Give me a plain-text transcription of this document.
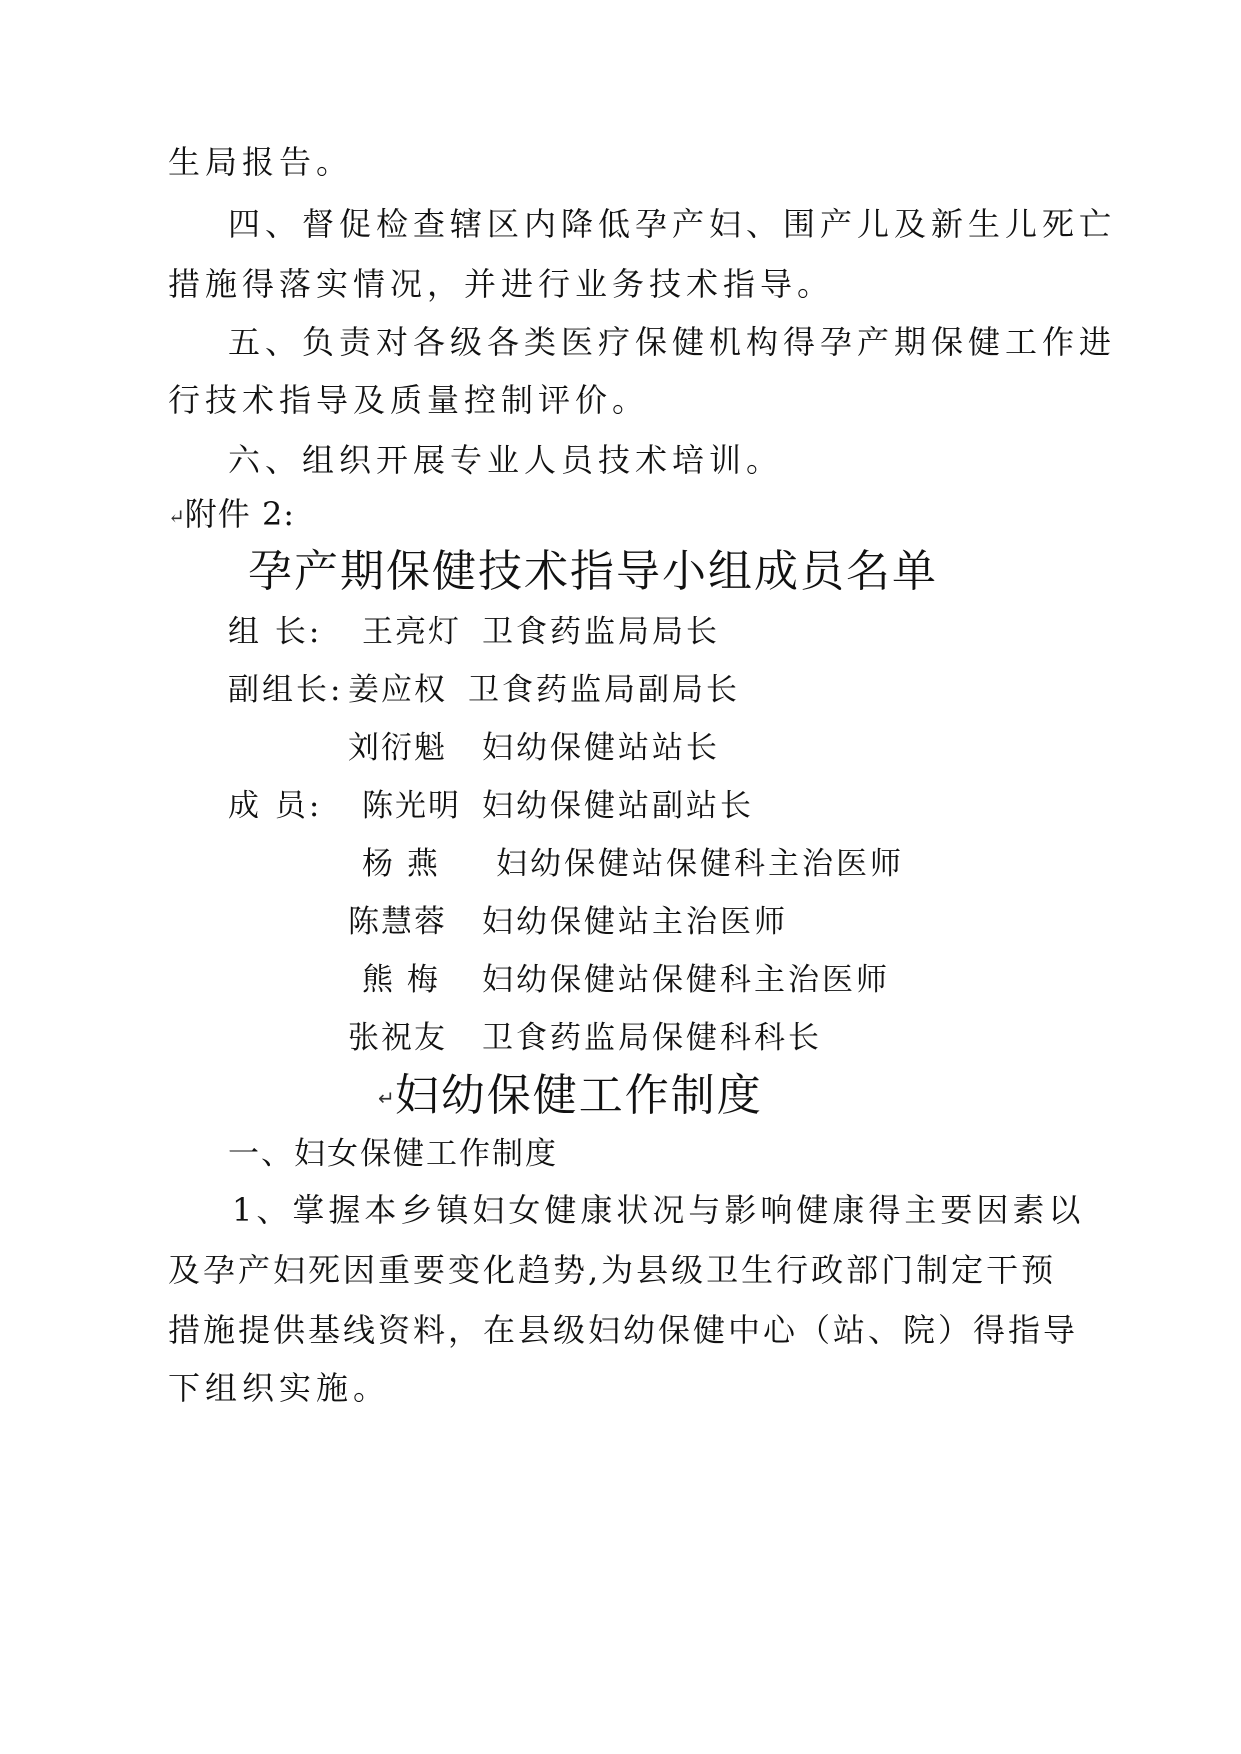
生局报告。
四、督促检查辖区内降低孕产妇、围产儿及新生儿死亡
措施得落实情况，并进行业务技术指导。
五、负责对各级各类医疗保健机构得孕产期保健工作进
行技术指导及质量控制评价。
六、组织开展专业人员技术培训。
↵附件 2:
孕产期保健技术指导小组成员名单
组 长: 王亮灯 卫食药监局局长
副组长: 姜应权 卫食药监局副局长
刘衍魁 妇幼保健站站长
成 员: 陈光明 妇幼保健站副站长
杨 燕 妇幼保健站保健科主治医师
陈慧蓉 妇幼保健站主治医师
熊 梅 妇幼保健站保健科主治医师
张祝友 卫食药监局保健科科长
↵妇幼保健工作制度
一、妇女保健工作制度
1、掌握本乡镇妇女健康状况与影响健康得主要因素以
及孕产妇死因重要变化趋势,为县级卫生行政部门制定干预
措施提供基线资料，在县级妇幼保健中心（站、院）得指导
下组织实施。
